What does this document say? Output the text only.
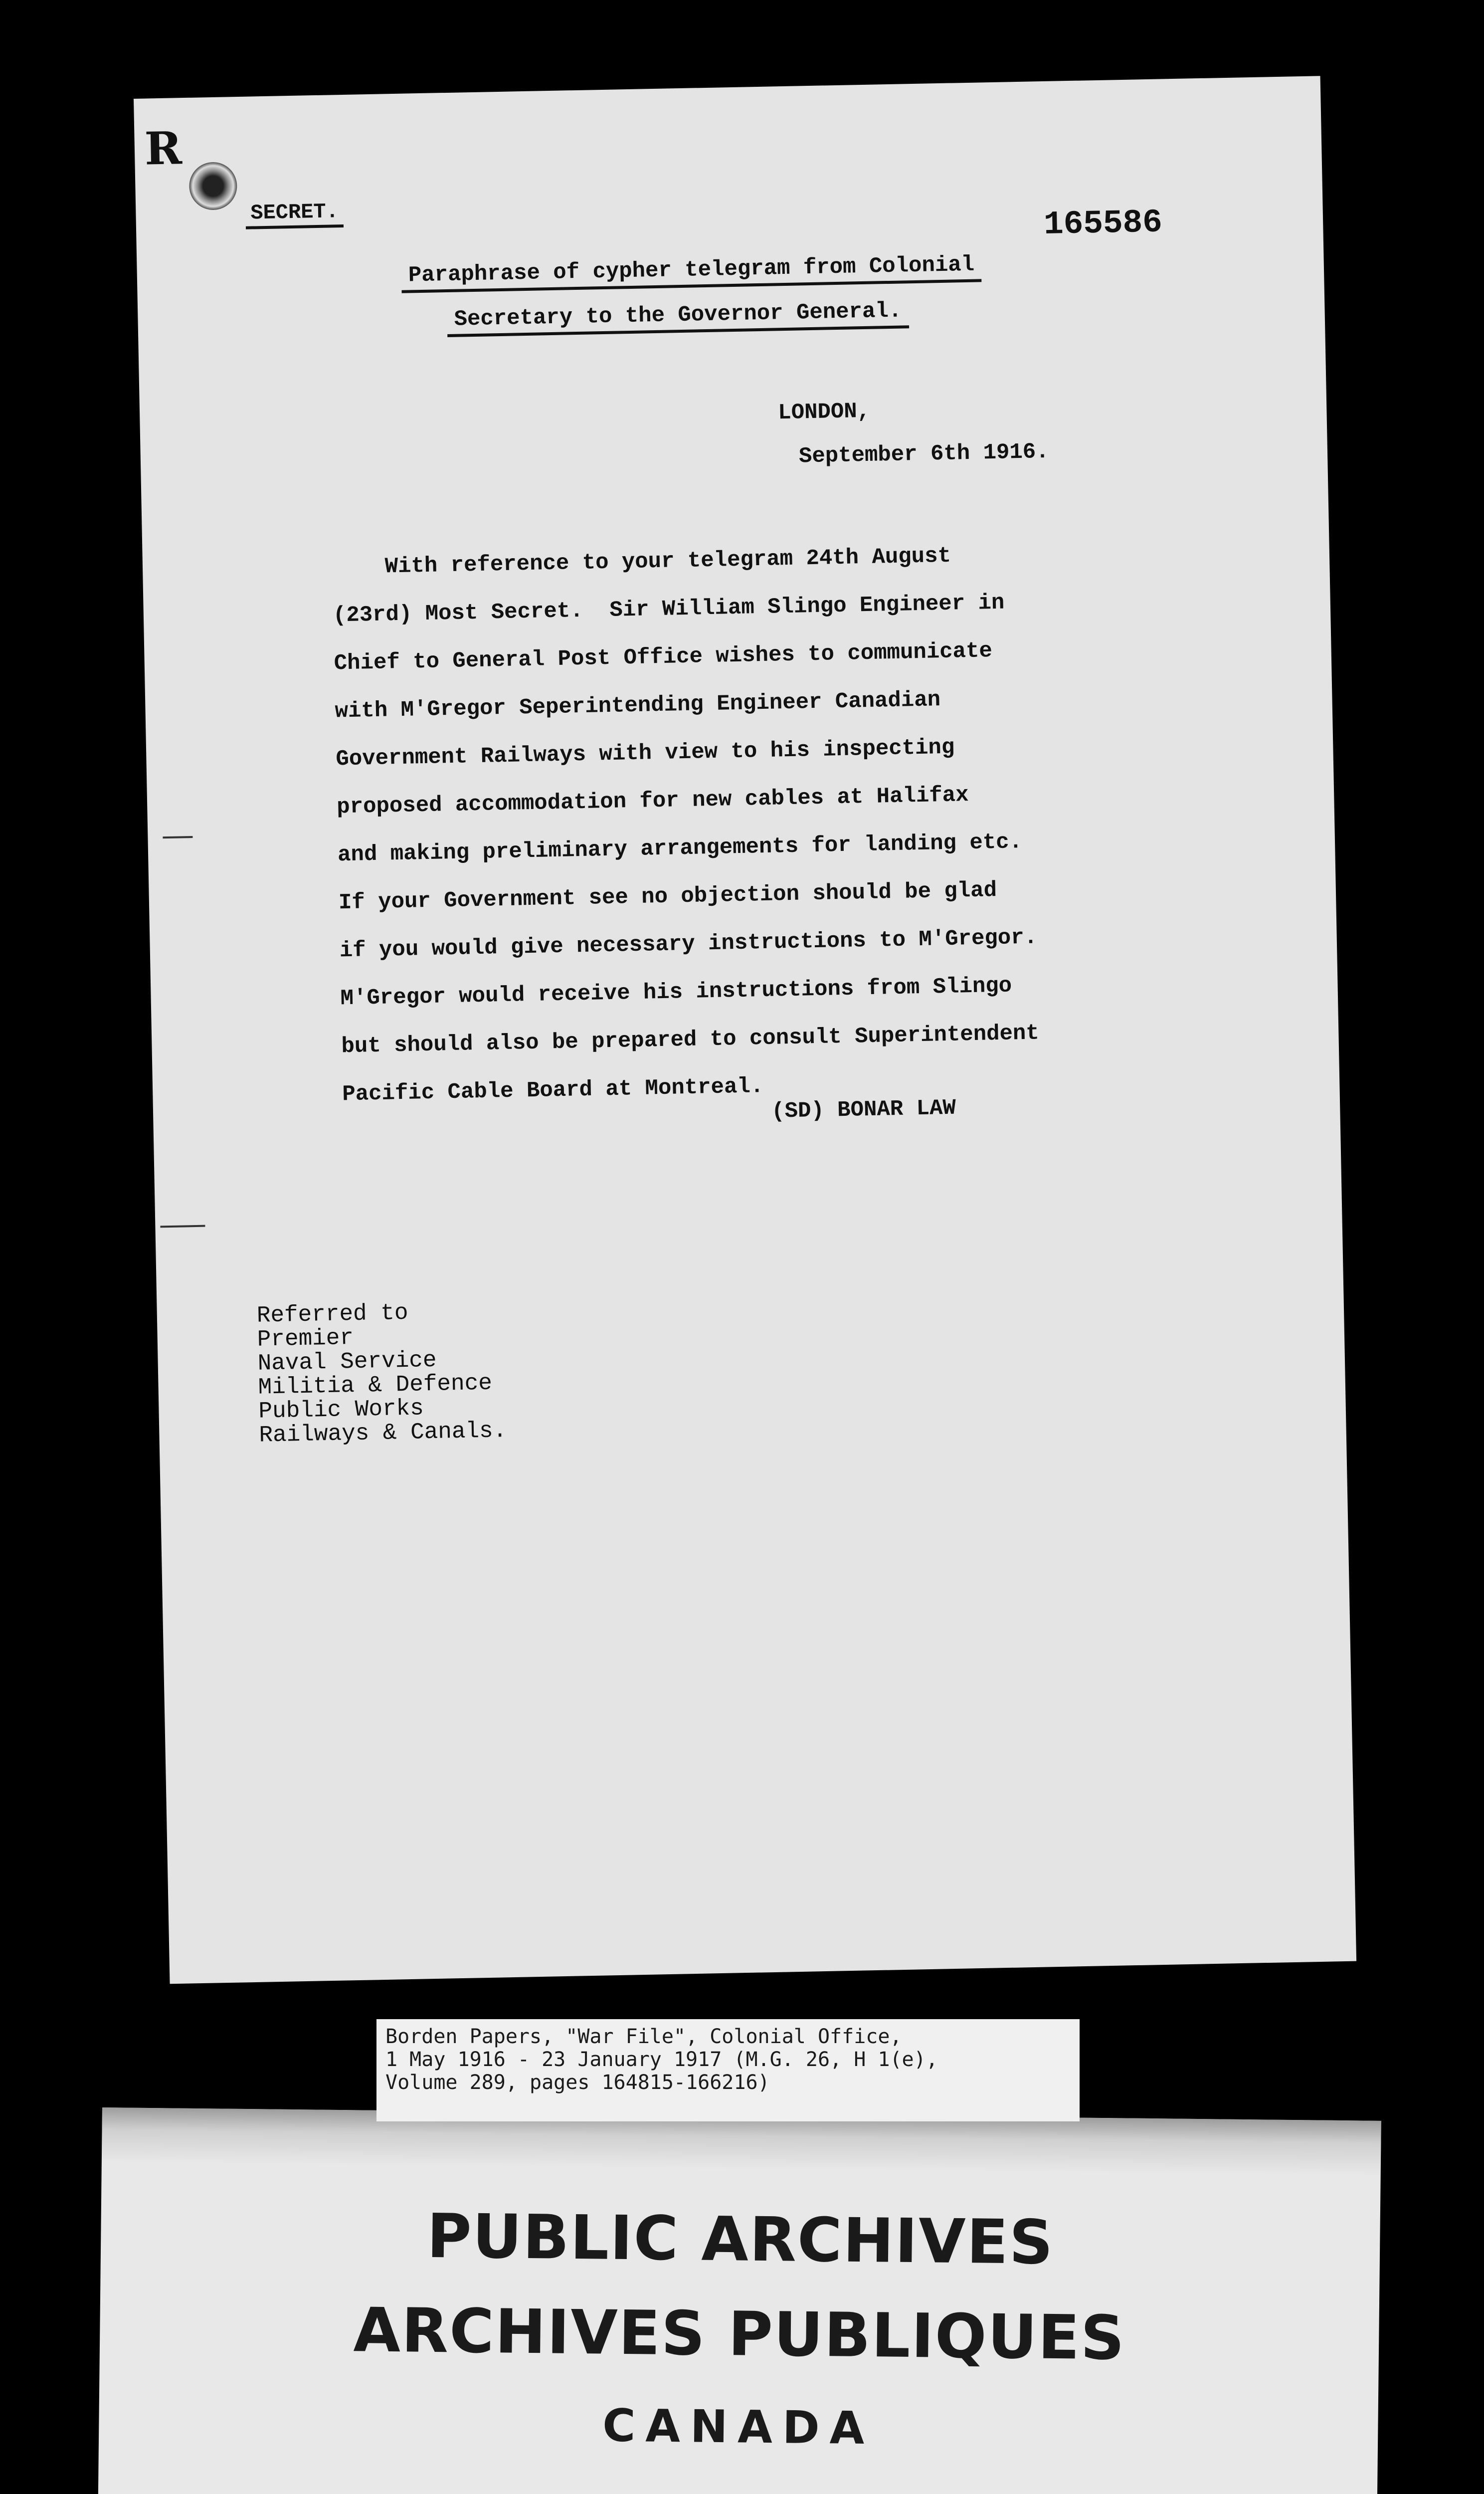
R
SECRET.	165586
Paraphrase of cypher telegram from Colonial
Secretary to the Governor General.
LONDON,
September 6th 1916.
With reference to your telegram 24th August
(23rd) Most Secret.  Sir William Slingo Engineer in
Chief to General Post Office wishes to communicate
with M'Gregor Seperintending Engineer Canadian
Government Railways with view to his inspecting
proposed accommodation for new cables at Halifax
and making preliminary arrangements for landing etc.
If your Government see no objection should be glad
if you would give necessary instructions to M'Gregor.
M'Gregor would receive his instructions from Slingo
but should also be prepared to consult Superintendent
Pacific Cable Board at Montreal.
(SD) BONAR LAW
Referred to
Premier
Naval Service
Militia & Defence
Public Works
Railways & Canals.
PUBLIC ARCHIVES
ARCHIVES PUBLIQUES
CANADA
Borden Papers, "War File", Colonial Office,
1 May 1916 - 23 January 1917 (M.G. 26, H 1(e),
Volume 289, pages 164815-166216)
